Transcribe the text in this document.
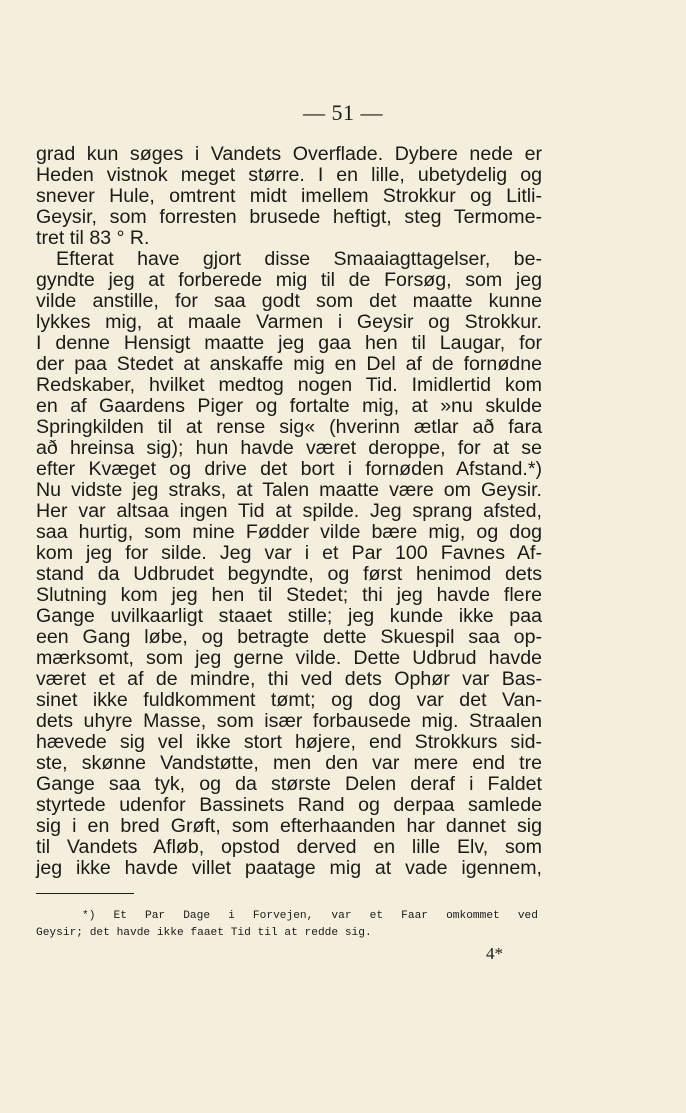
— 51 —
grad kun søges i Vandets Overflade. Dybere nede er
Heden vistnok meget større. I en lille, ubetydelig og
snever Hule, omtrent midt imellem Strokkur og Litli-
Geysir, som forresten brusede heftigt, steg Termome-
tret til 83 ° R.
Efterat have gjort disse Smaaiagttagelser, be-
gyndte jeg at forberede mig til de Forsøg, som jeg
vilde anstille, for saa godt som det maatte kunne
lykkes mig, at maale Varmen i Geysir og Strokkur.
I denne Hensigt maatte jeg gaa hen til Laugar, for
der paa Stedet at anskaffe mig en Del af de fornødne
Redskaber, hvilket medtog nogen Tid. Imidlertid kom
en af Gaardens Piger og fortalte mig, at »nu skulde
Springkilden til at rense sig« (hverinn ætlar að fara
að hreinsa sig); hun havde været deroppe, for at se
efter Kvæget og drive det bort i fornøden Afstand.*)
Nu vidste jeg straks, at Talen maatte være om Geysir.
Her var altsaa ingen Tid at spilde. Jeg sprang afsted,
saa hurtig, som mine Fødder vilde bære mig, og dog
kom jeg for silde. Jeg var i et Par 100 Favnes Af-
stand da Udbrudet begyndte, og først henimod dets
Slutning kom jeg hen til Stedet; thi jeg havde flere
Gange uvilkaarligt staaet stille; jeg kunde ikke paa
een Gang løbe, og betragte dette Skuespil saa op-
mærksomt, som jeg gerne vilde. Dette Udbrud havde
været et af de mindre, thi ved dets Ophør var Bas-
sinet ikke fuldkomment tømt; og dog var det Van-
dets uhyre Masse, som især forbausede mig. Straalen
hævede sig vel ikke stort højere, end Strokkurs sid-
ste, skønne Vandstøtte, men den var mere end tre
Gange saa tyk, og da største Delen deraf i Faldet
styrtede udenfor Bassinets Rand og derpaa samlede
sig i en bred Grøft, som efterhaanden har dannet sig
til Vandets Afløb, opstod derved en lille Elv, som
jeg ikke havde villet paatage mig at vade igennem,
*) Et Par Dage i Forvejen, var et Faar omkommet ved
Geysir; det havde ikke faaet Tid til at redde sig.
4*
